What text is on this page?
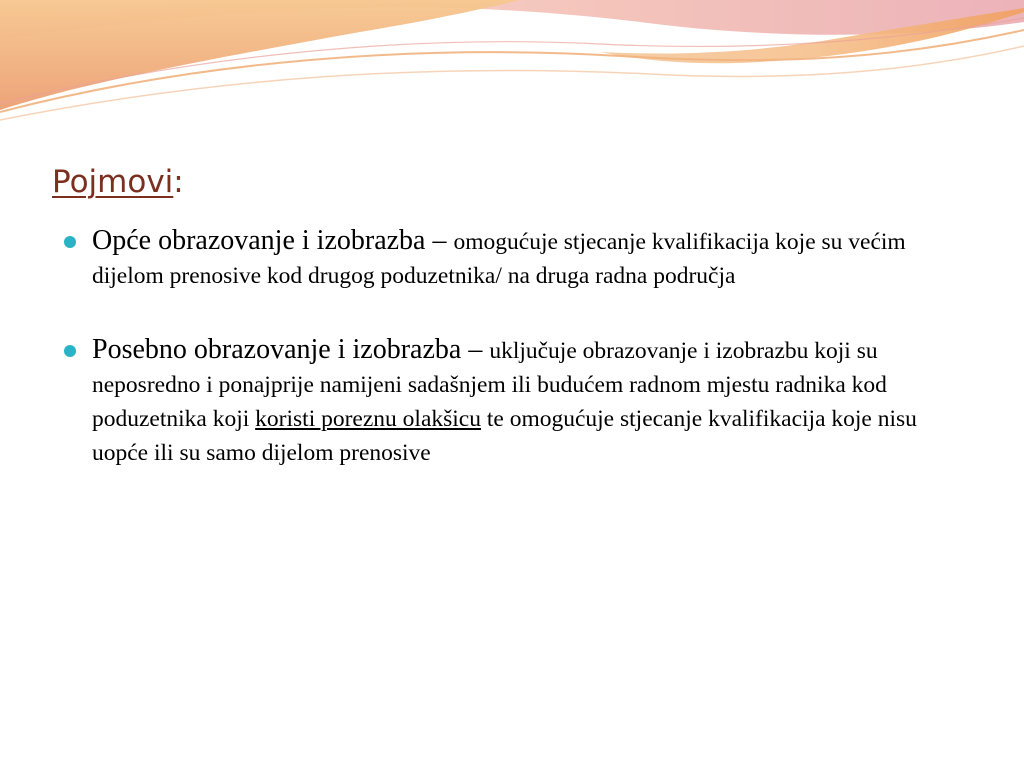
Pojmovi:
Opće obrazovanje i izobrazba – omogućuje stjecanje kvalifikacija koje su većim dijelom prenosive kod drugog poduzetnika/ na druga radna područja
Posebno obrazovanje i izobrazba – uključuje obrazovanje i izobrazbu koji su neposredno i ponajprije namijeni sadašnjem ili budućem radnom mjestu radnika kod poduzetnika koji koristi poreznu olakšicu te omogućuje stjecanje kvalifikacija koje nisu uopće ili su samo dijelom prenosive
